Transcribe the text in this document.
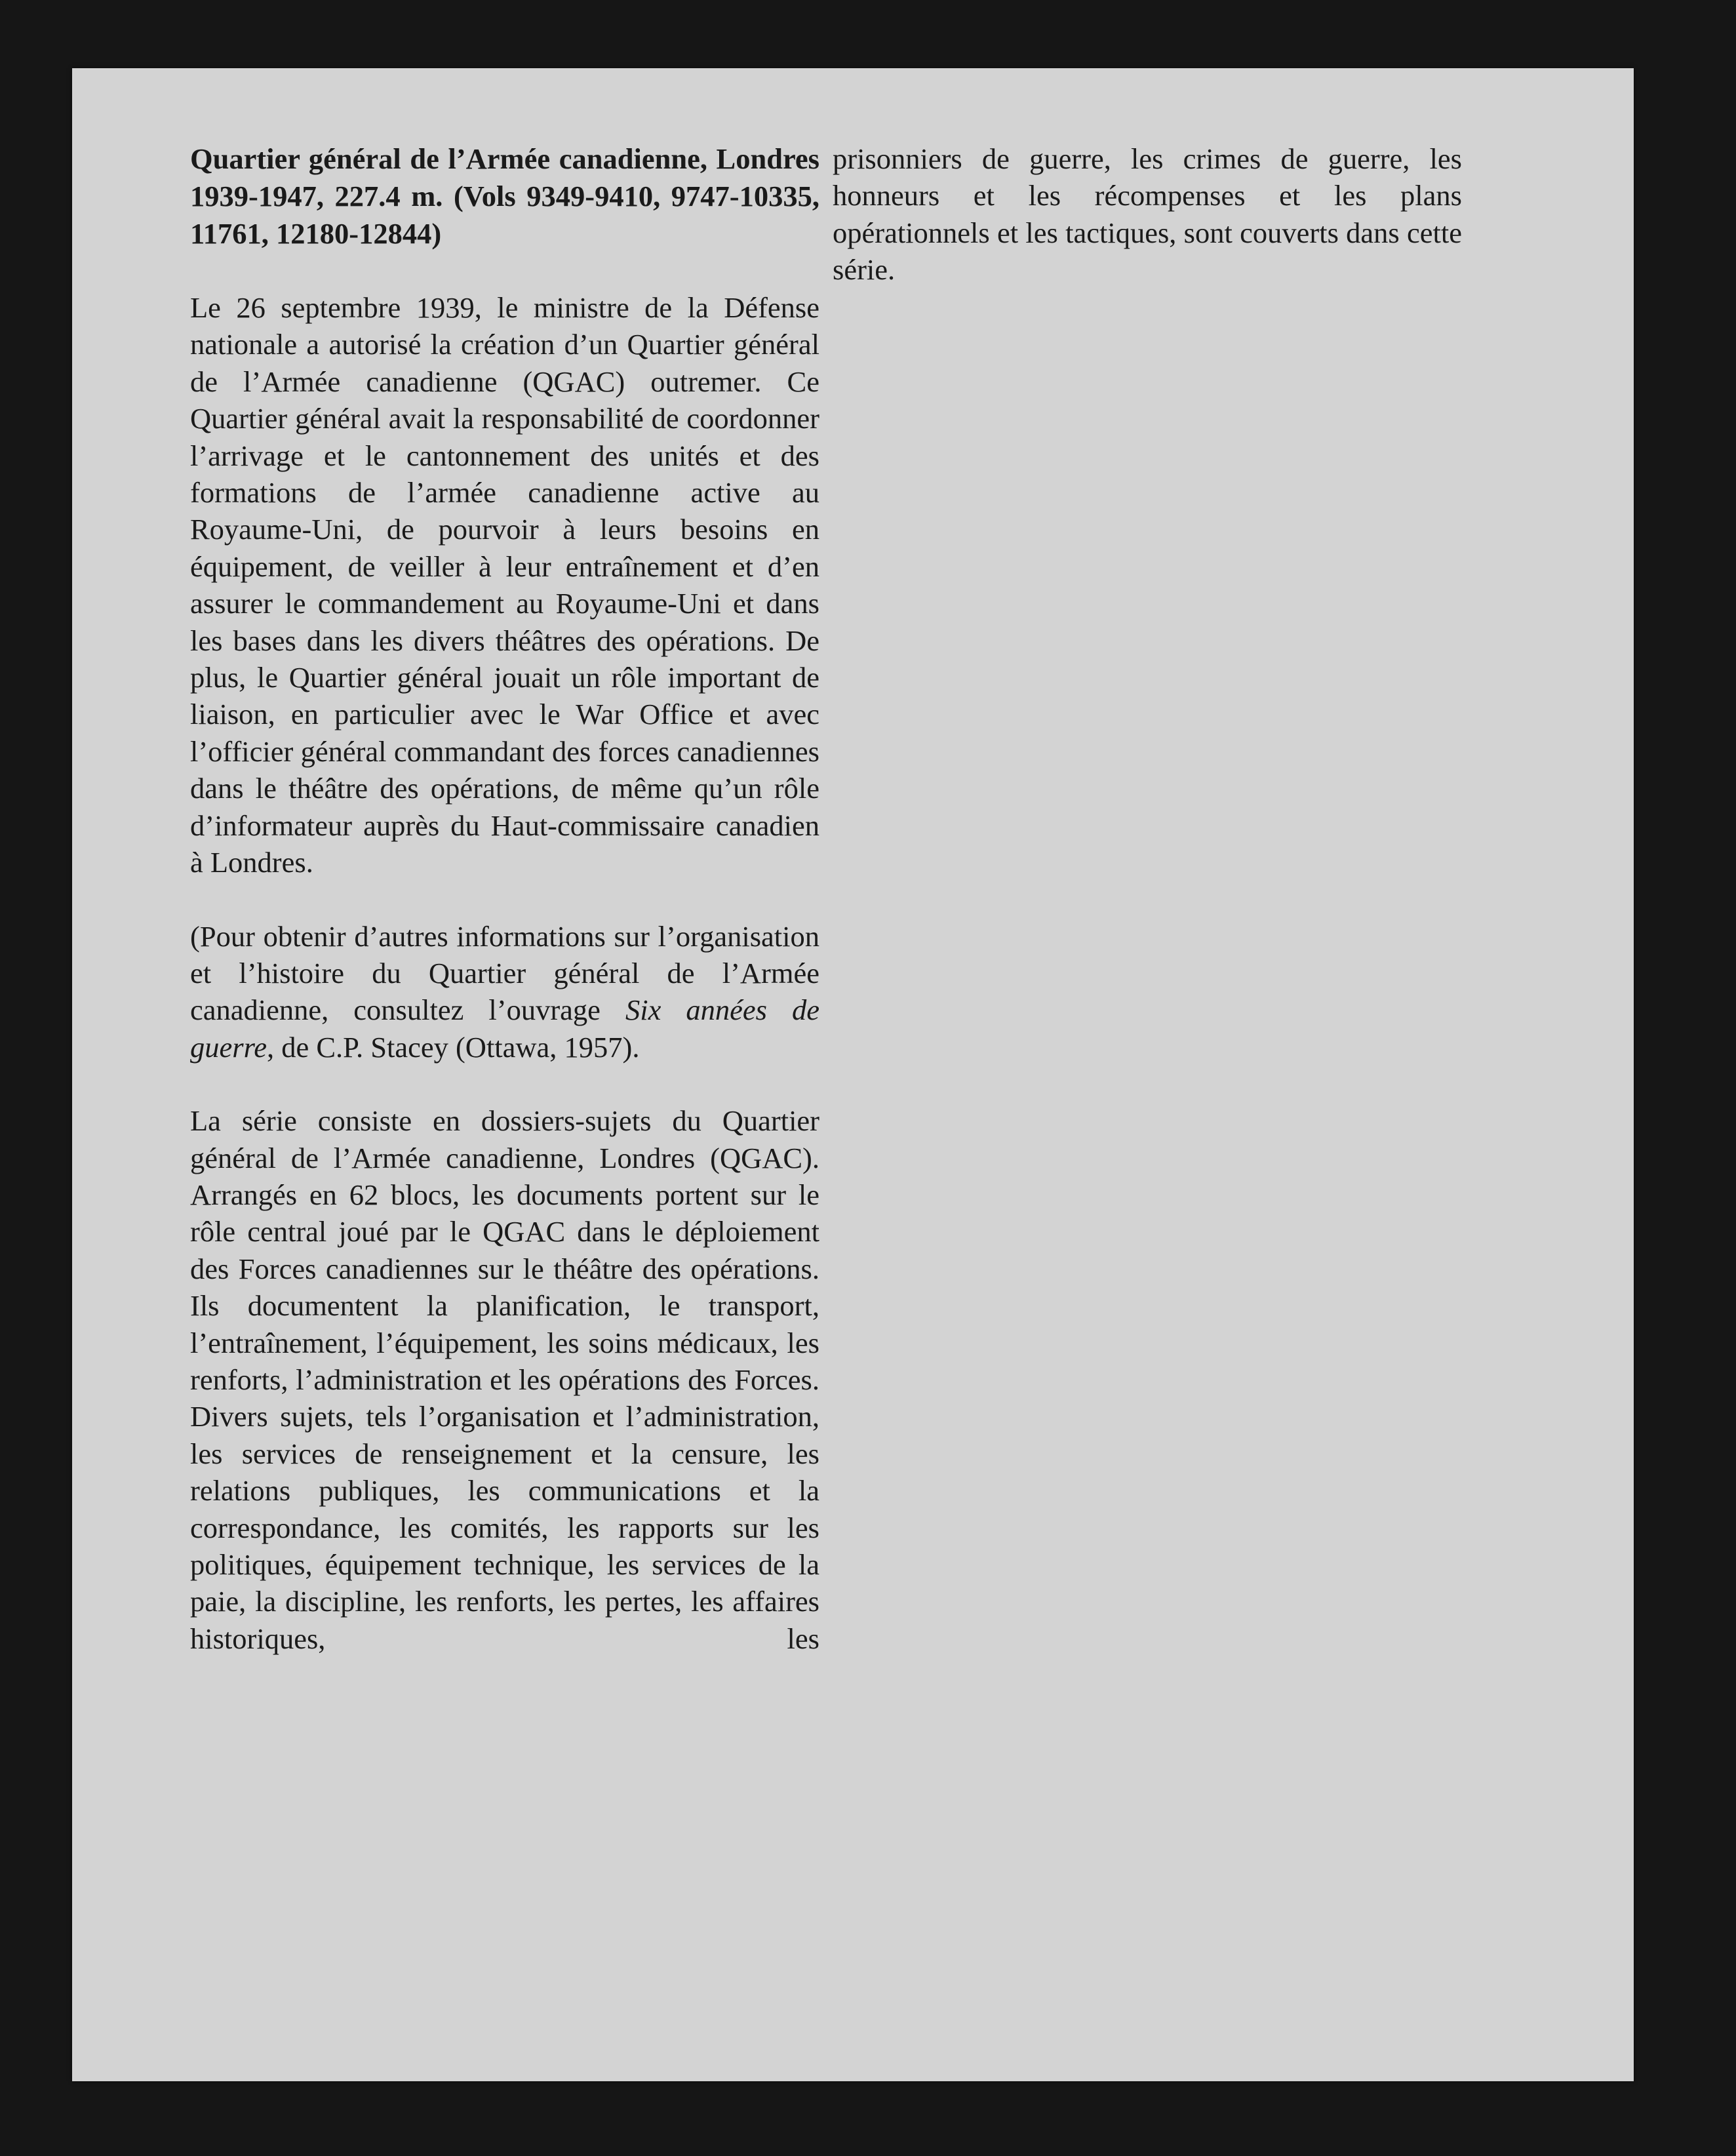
Quartier général de l’Armée canadienne, Londres 1939-1947, 227.4 m. (Vols 9349-9410, 9747-10335, 11761, 12180-12844)

Le 26 septembre 1939, le ministre de la Défense nationale a autorisé la création d’un Quartier général de l’Armée canadienne (QGAC) outremer. Ce Quartier général avait la responsabilité de coordonner l’arrivage et le cantonnement des unités et des formations de l’armée canadienne active au Royaume-Uni, de pourvoir à leurs besoins en équipement, de veiller à leur entraînement et d’en assurer le commandement au Royaume-Uni et dans les bases dans les divers théâtres des opérations. De plus, le Quartier général jouait un rôle important de liaison, en particulier avec le War Office et avec l’officier général commandant des forces canadiennes dans le théâtre des opérations, de même qu’un rôle d’informateur auprès du Haut-commissaire canadien à Londres.

(Pour obtenir d’autres informations sur l’organisation et l’histoire du Quartier général de l’Armée canadienne, consultez l’ouvrage Six années de guerre, de C.P. Stacey (Ottawa, 1957).

La série consiste en dossiers-sujets du Quartier général de l’Armée canadienne, Londres (QGAC). Arrangés en 62 blocs, les documents portent sur le rôle central joué par le QGAC dans le déploiement des Forces canadiennes sur le théâtre des opérations. Ils documentent la planification, le transport, l’entraînement, l’équipement, les soins médicaux, les renforts, l’administration et les opérations des Forces. Divers sujets, tels l’organisation et l’administration, les services de renseignement et la censure, les relations publiques, les communications et la correspondance, les comités, les rapports sur les politiques, équipement technique, les services de la paie, la discipline, les renforts, les pertes, les affaires historiques, les

prisonniers de guerre, les crimes de guerre, les honneurs et les récompenses et les plans opérationnels et les tactiques, sont couverts dans cette série.
